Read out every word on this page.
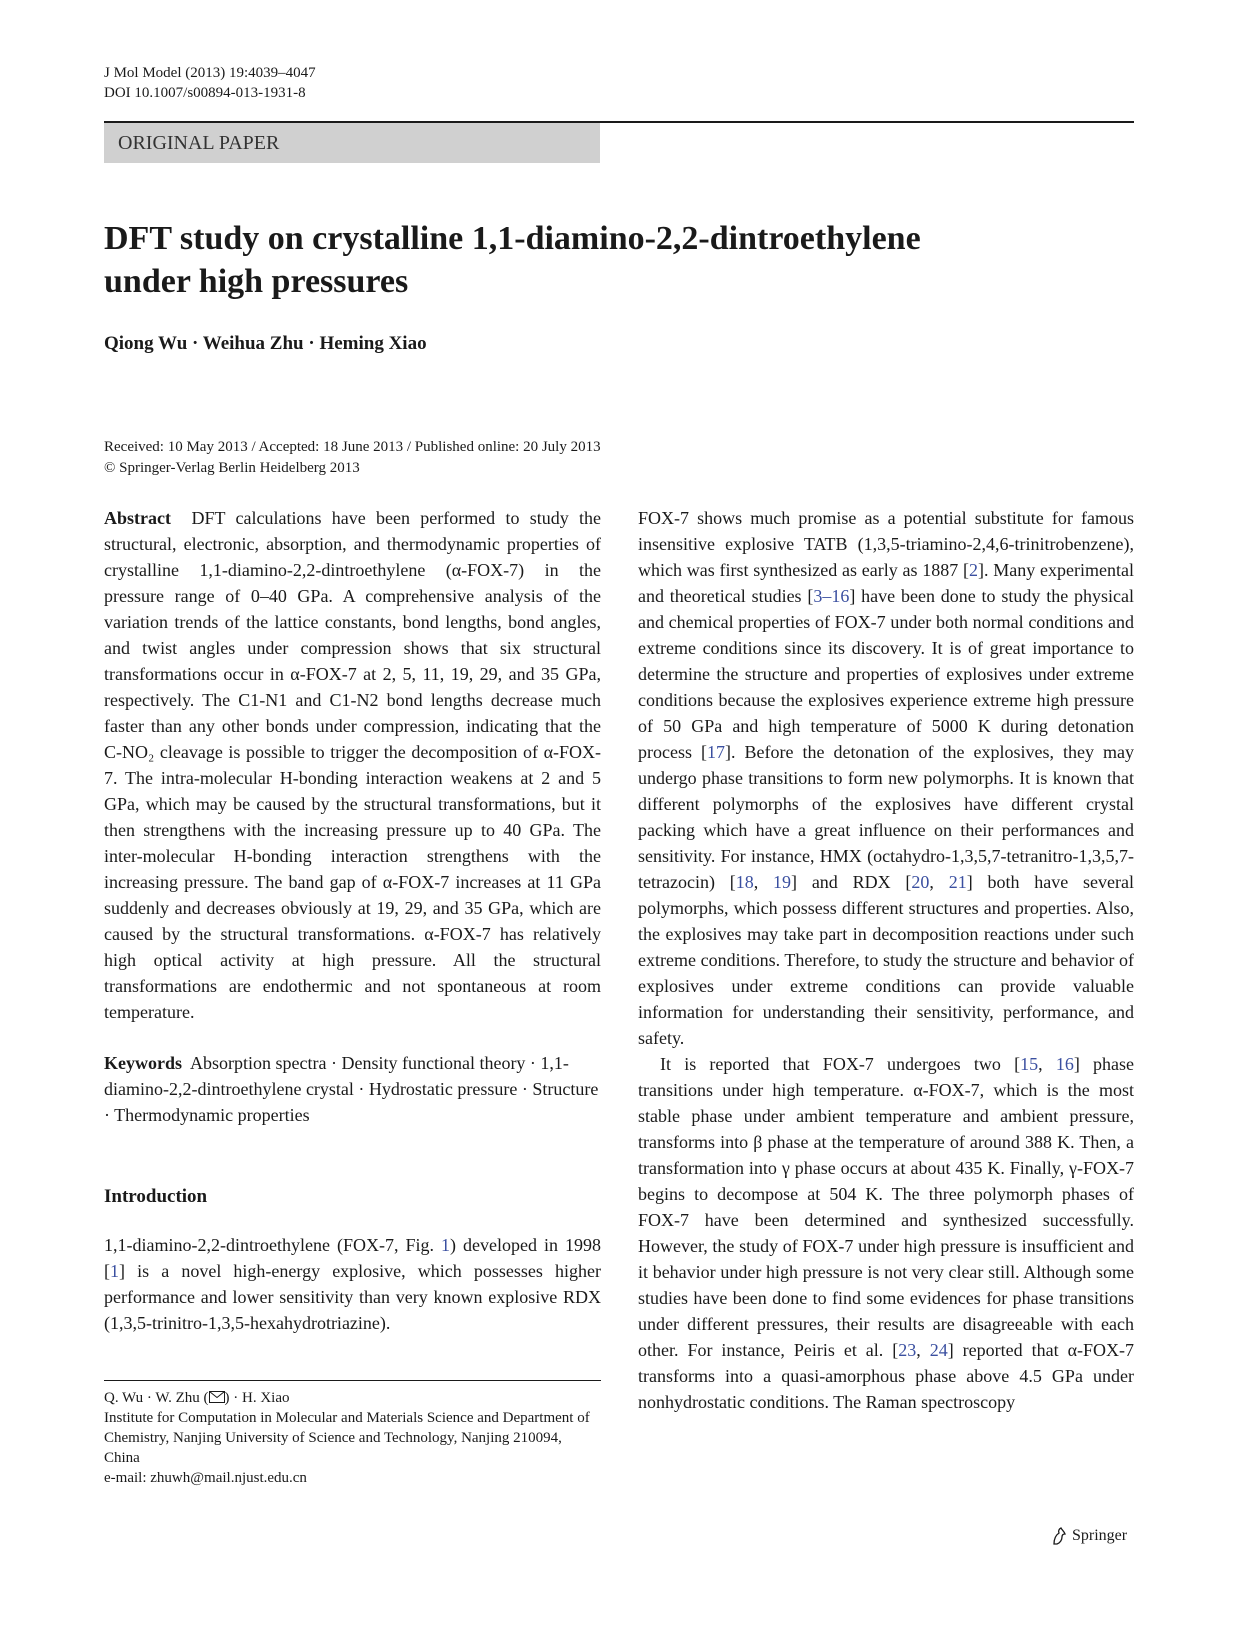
J Mol Model (2013) 19:4039–4047
DOI 10.1007/s00894-013-1931-8
ORIGINAL PAPER
DFT study on crystalline 1,1-diamino-2,2-dintroethylene
under high pressures
Qiong Wu · Weihua Zhu · Heming Xiao
Received: 10 May 2013 / Accepted: 18 June 2013 / Published online: 20 July 2013
© Springer-Verlag Berlin Heidelberg 2013

Abstract DFT calculations have been performed to study the structural, electronic, absorption, and thermodynamic properties of crystalline 1,1-diamino-2,2-dintroethylene (α-FOX-7) in the pressure range of 0–40 GPa. A comprehensive analysis of the variation trends of the lattice constants, bond lengths, bond angles, and twist angles under compression shows that six structural transformations occur in α-FOX-7 at 2, 5, 11, 19, 29, and 35 GPa, respectively. The C1-N1 and C1-N2 bond lengths decrease much faster than any other bonds under compression, indicating that the C-NO₂ cleavage is possible to trigger the decomposition of α-FOX-7. The intra-molecular H-bonding interaction weakens at 2 and 5 GPa, which may be caused by the structural transformations, but it then strengthens with the increasing pressure up to 40 GPa. The inter-molecular H-bonding interaction strengthens with the increasing pressure. The band gap of α-FOX-7 increases at 11 GPa suddenly and decreases obviously at 19, 29, and 35 GPa, which are caused by the structural transformations. α-FOX-7 has relatively high optical activity at high pressure. All the structural transformations are endothermic and not spontaneous at room temperature.

Keywords Absorption spectra · Density functional theory · 1,1-diamino-2,2-dintroethylene crystal · Hydrostatic pressure · Structure · Thermodynamic properties

Introduction

1,1-diamino-2,2-dintroethylene (FOX-7, Fig. 1) developed in 1998 [1] is a novel high-energy explosive, which possesses higher performance and lower sensitivity than very known explosive RDX (1,3,5-trinitro-1,3,5-hexahydrotriazine).

FOX-7 shows much promise as a potential substitute for famous insensitive explosive TATB (1,3,5-triamino-2,4,6-trinitrobenzene), which was first synthesized as early as 1887 [2]. Many experimental and theoretical studies [3–16] have been done to study the physical and chemical properties of FOX-7 under both normal conditions and extreme conditions since its discovery. It is of great importance to determine the structure and properties of explosives under extreme conditions because the explosives experience extreme high pressure of 50 GPa and high temperature of 5000 K during detonation process [17]. Before the detonation of the explosives, they may undergo phase transitions to form new polymorphs. It is known that different polymorphs of the explosives have different crystal packing which have a great influence on their performances and sensitivity. For instance, HMX (octahydro-1,3,5,7-tetranitro-1,3,5,7-tetrazocin) [18, 19] and RDX [20, 21] both have several polymorphs, which possess different structures and properties. Also, the explosives may take part in decomposition reactions under such extreme conditions. Therefore, to study the structure and behavior of explosives under extreme conditions can provide valuable information for understanding their sensitivity, performance, and safety.

It is reported that FOX-7 undergoes two [15, 16] phase transitions under high temperature. α-FOX-7, which is the most stable phase under ambient temperature and ambient pressure, transforms into β phase at the temperature of around 388 K. Then, a transformation into γ phase occurs at about 435 K. Finally, γ-FOX-7 begins to decompose at 504 K. The three polymorph phases of FOX-7 have been determined and synthesized successfully. However, the study of FOX-7 under high pressure is insufficient and it behavior under high pressure is not very clear still. Although some studies have been done to find some evidences for phase transitions under different pressures, their results are disagreeable with each other. For instance, Peiris et al. [23, 24] reported that α-FOX-7 transforms into a quasi-amorphous phase above 4.5 GPa under nonhydrostatic conditions. The Raman spectroscopy

Q. Wu · W. Zhu ( ) · H. Xiao
Institute for Computation in Molecular and Materials Science and Department of Chemistry, Nanjing University of Science and Technology, Nanjing 210094, China
e-mail: zhuwh@mail.njust.edu.cn
Springer
